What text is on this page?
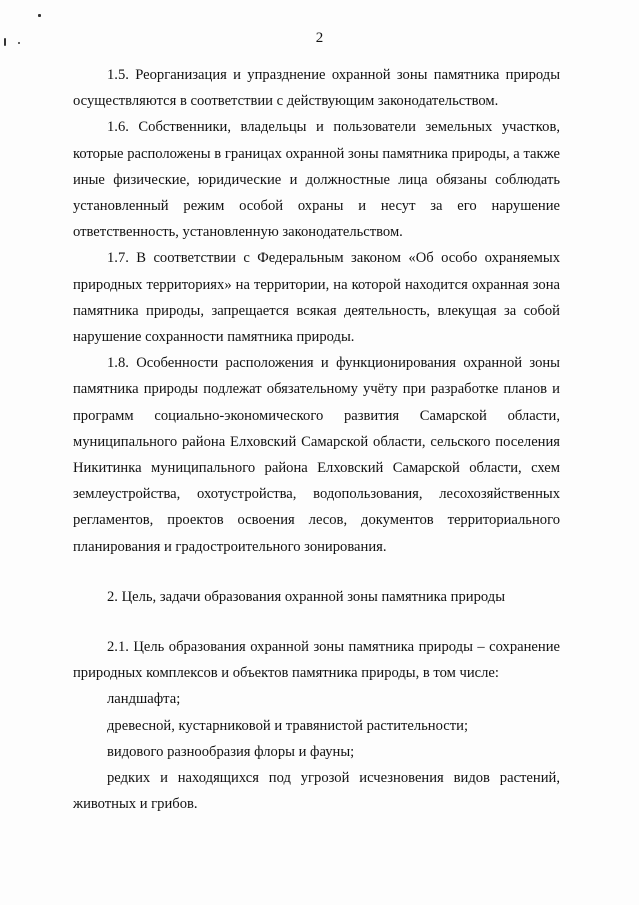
2

1.5. Реорганизация и упразднение охранной зоны памятника природы осуществляются в соответствии с действующим законодательством.

1.6. Собственники, владельцы и пользователи земельных участков, которые расположены в границах охранной зоны памятника природы, а также иные физические, юридические и должностные лица обязаны соблюдать установленный режим особой охраны и несут за его нарушение ответственность, установленную законодательством.

1.7. В соответствии с Федеральным законом «Об особо охраняемых природных территориях» на территории, на которой находится охранная зона памятника природы, запрещается всякая деятельность, влекущая за собой нарушение сохранности памятника природы.

1.8. Особенности расположения и функционирования охранной зоны памятника природы подлежат обязательному учёту при разработке планов и программ социально-экономического развития Самарской области, муниципального района Елховский Самарской области, сельского поселения Никитинка муниципального района Елховский Самарской области, схем землеустройства, охотустройства, водопользования, лесохозяйственных регламентов, проектов освоения лесов, документов территориального планирования и градостроительного зонирования.

2. Цель, задачи образования охранной зоны памятника природы

2.1. Цель образования охранной зоны памятника природы – сохранение природных комплексов и объектов памятника природы, в том числе:

ландшафта;

древесной, кустарниковой и травянистой растительности;

видового разнообразия флоры и фауны;

редких и находящихся под угрозой исчезновения видов растений, животных и грибов.
